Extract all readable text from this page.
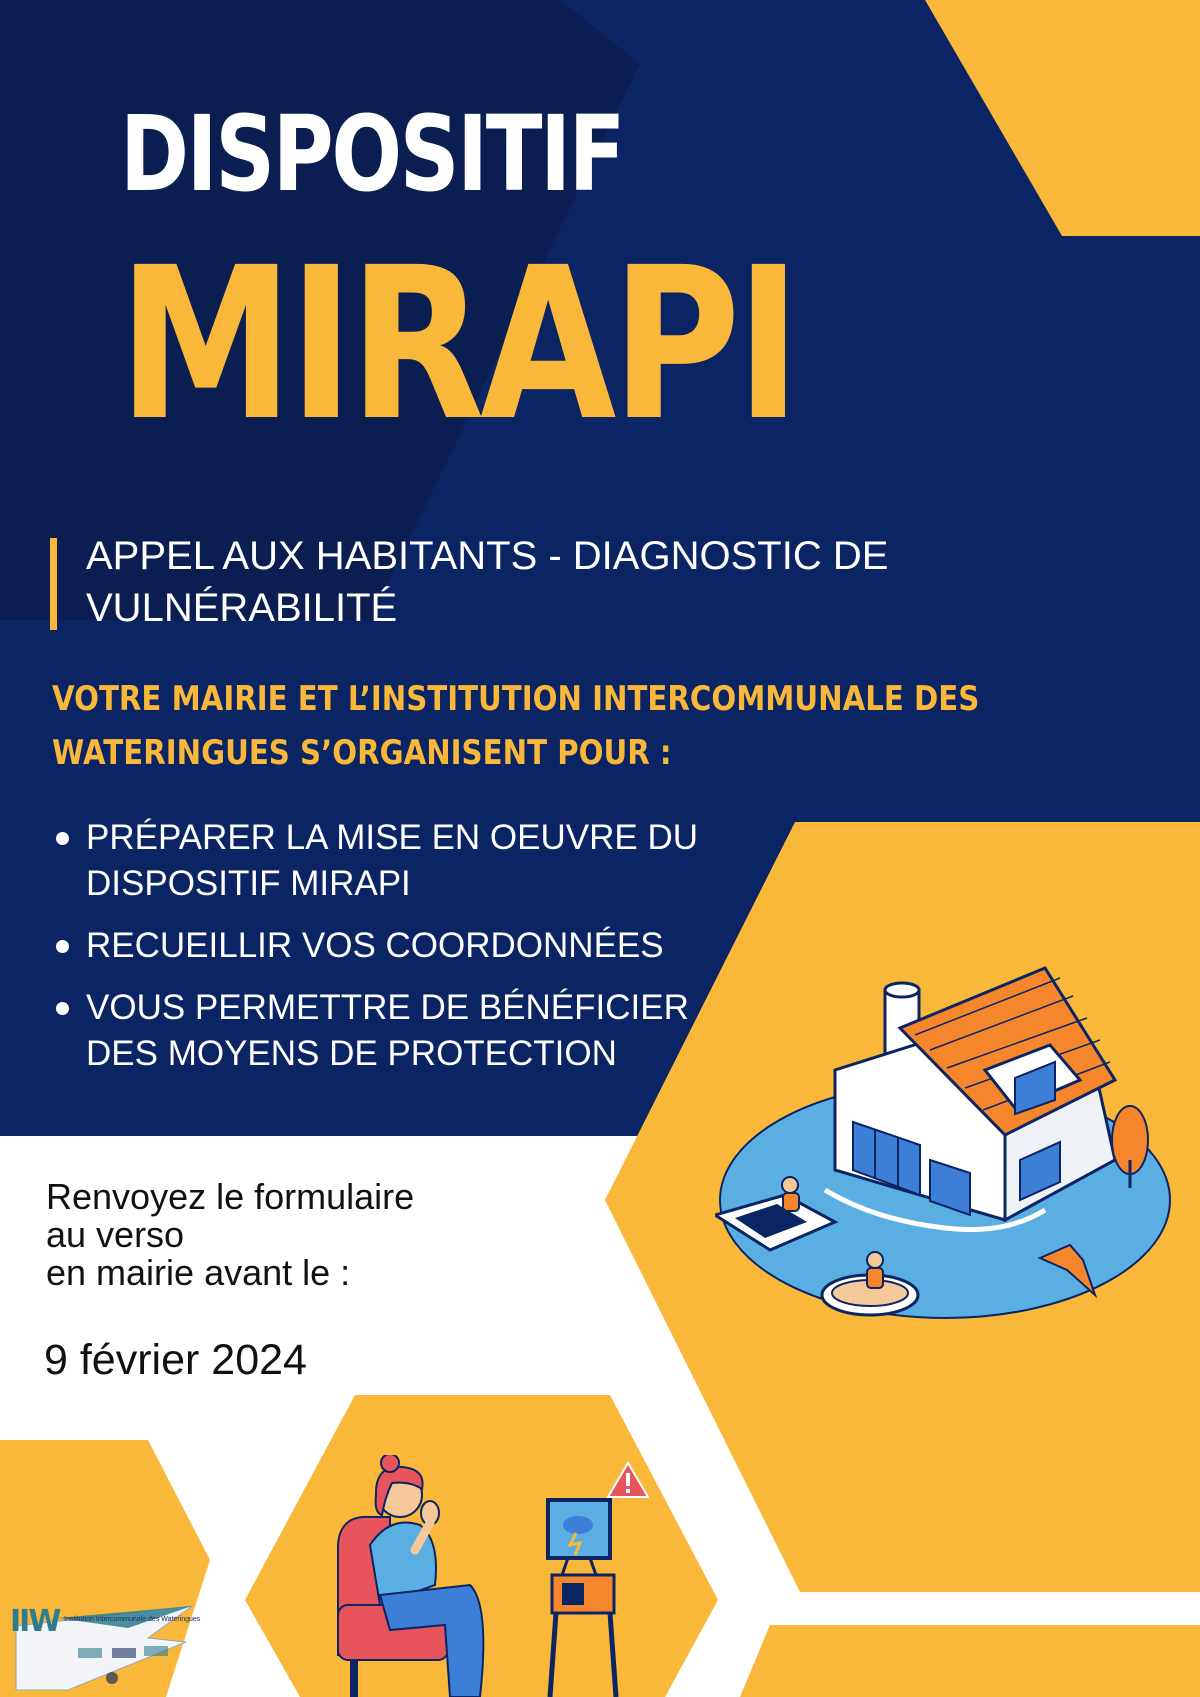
DISPOSITIF
MIRAPI

APPEL AUX HABITANTS - DIAGNOSTIC DE VULNÉRABILITÉ

VOTRE MAIRIE ET L’INSTITUTION INTERCOMMUNALE DES WATERINGUES S’ORGANISENT POUR :

PRÉPARER LA MISE EN OEUVRE DU DISPOSITIF MIRAPI
RECUEILLIR VOS COORDONNÉES
VOUS PERMETTRE DE BÉNÉFICIER DES MOYENS DE PROTECTION

Renvoyez le formulaire
au verso
en mairie avant le :

9 février 2024

IIW Institution Intercommunale des Wateringues
